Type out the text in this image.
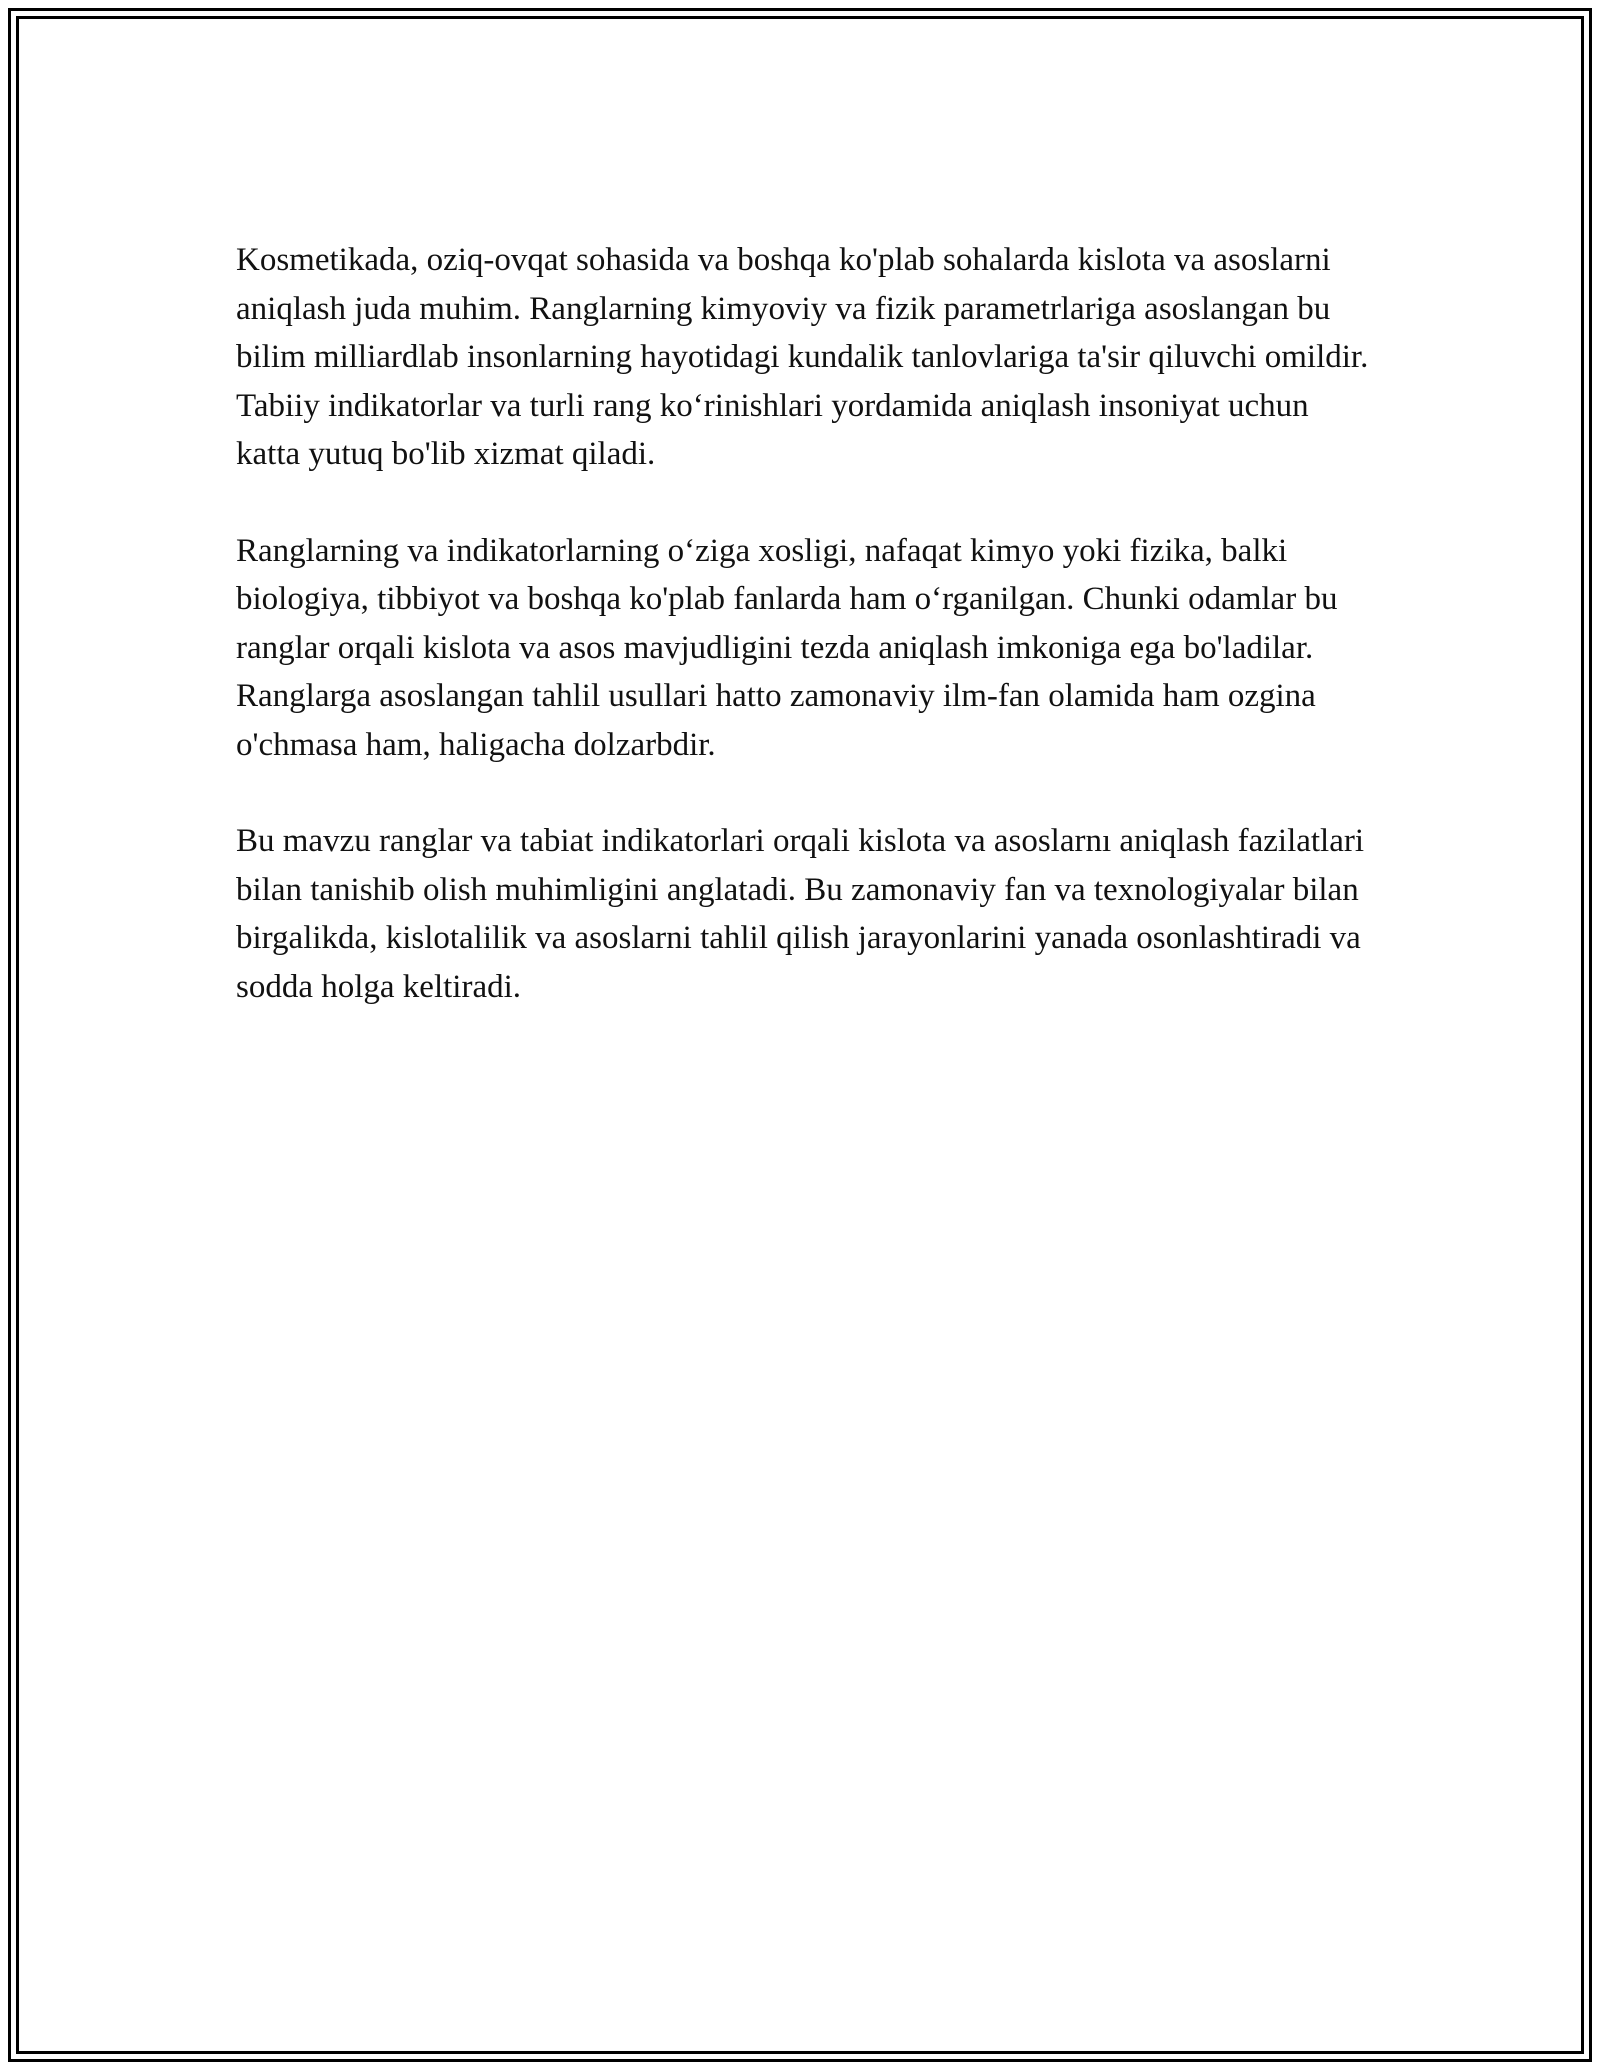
Kosmetikada, oziq-ovqat sohasida va boshqa ko'plab sohalarda kislota va asoslarni aniqlash juda muhim. Ranglarning kimyoviy va fizik parametrlariga asoslangan bu bilim milliardlab insonlarning hayotidagi kundalik tanlovlariga ta'sir qiluvchi omildir. Tabiiy indikatorlar va turli rang ko‘rinishlari yordamida aniqlash insoniyat uchun katta yutuq bo'lib xizmat qiladi.

Ranglarning va indikatorlarning o‘ziga xosligi, nafaqat kimyo yoki fizika, balki biologiya, tibbiyot va boshqa ko'plab fanlarda ham o‘rganilgan. Chunki odamlar bu ranglar orqali kislota va asos mavjudligini tezda aniqlash imkoniga ega bo'ladilar. Ranglarga asoslangan tahlil usullari hatto zamonaviy ilm-fan olamida ham ozgina o'chmasa ham, haligacha dolzarbdir.

Bu mavzu ranglar va tabiat indikatorlari orqali kislota va asoslarnı aniqlash fazilatlari bilan tanishib olish muhimligini anglatadi. Bu zamonaviy fan va texnologiyalar bilan birgalikda, kislotalilik va asoslarni tahlil qilish jarayonlarini yanada osonlashtiradi va sodda holga keltiradi.
